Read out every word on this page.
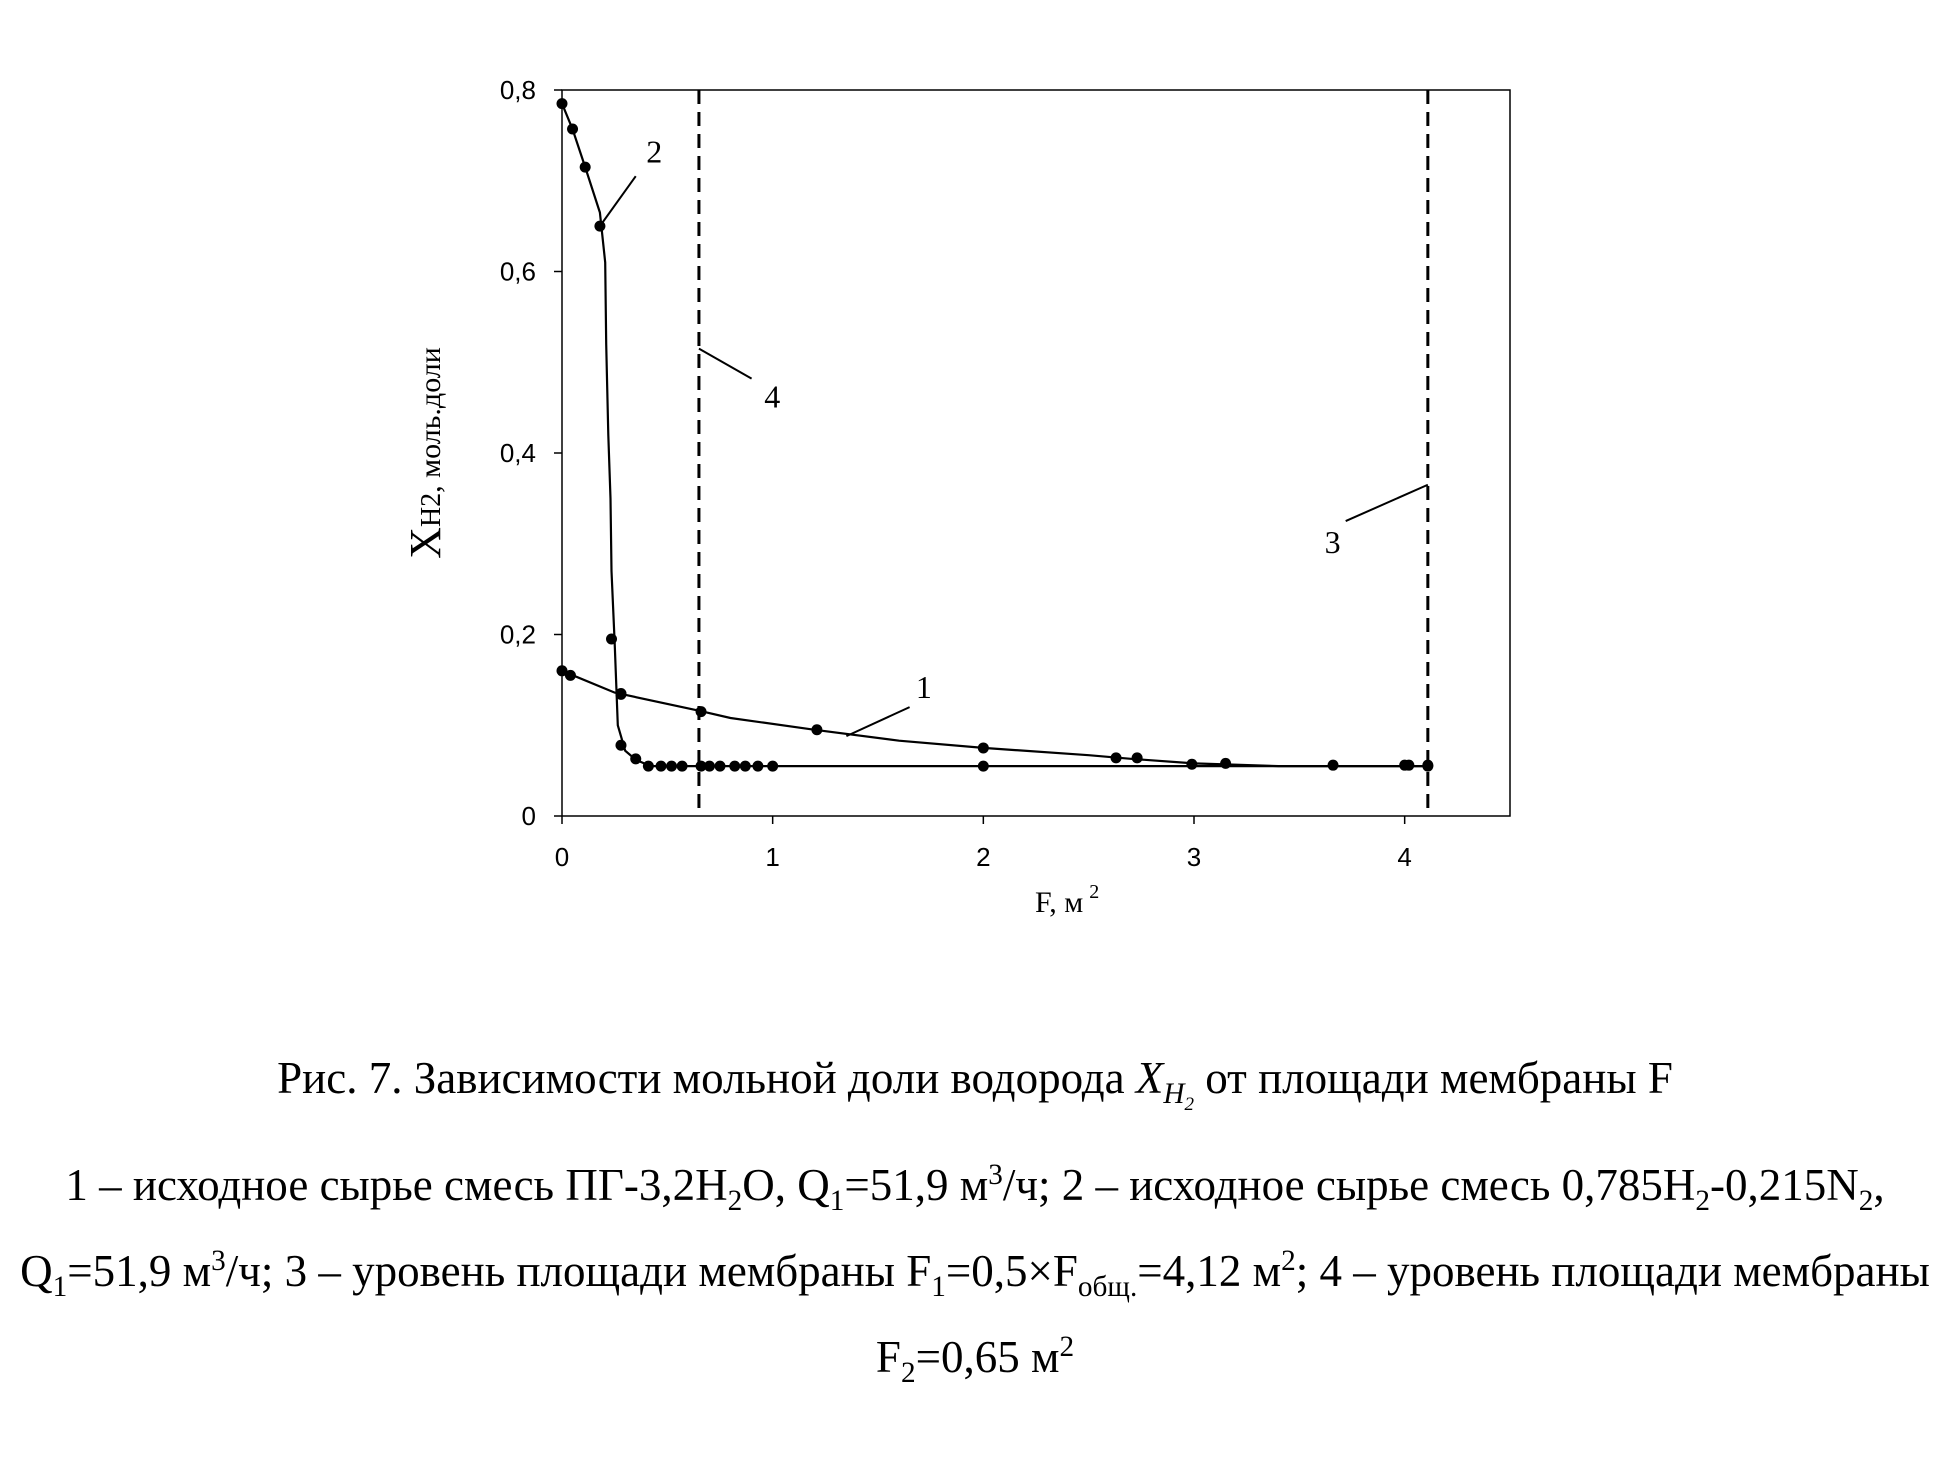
0
0,2
0,4
0,6
0,8
0	1	2	3	4
1
2
3
4
XH2, моль.доли
F, м $^2$
Рис. 7. Зависимости мольной доли водорода $X_{H_2}$ от площади мембраны F
1 – исходное сырье смесь $ПГ-3,2H_2O$, $Q_1=51,9$ $м^3/ч$; 2 – исходное сырье смесь $0,785H_2-0,215N_2$, $Q_1=51,9$ $м^3/ч$; 3 – уровень площади мембраны $F_1=0,5\times F_{общ.}=4,12$ $м^2$; 4 – уровень площади мембраны $F_2=0,65$ $м^2$
